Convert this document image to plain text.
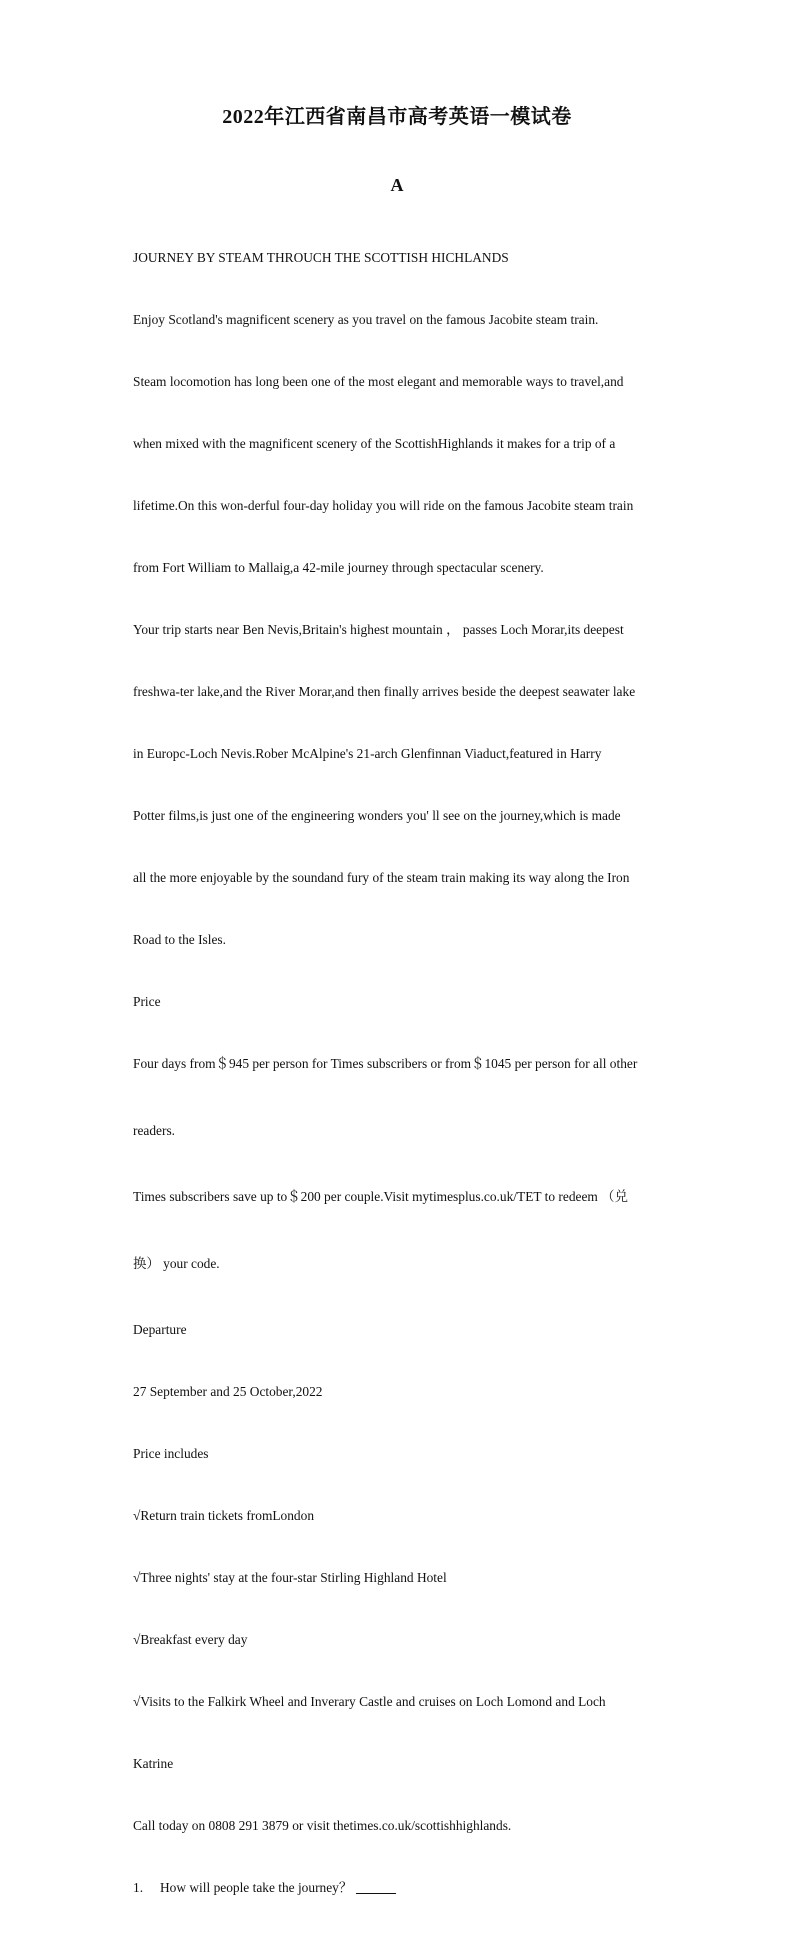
2022年江西省南昌市高考英语一模试卷
A

JOURNEY BY STEAM THROUCH THE SCOTTISH HICHLANDS

Enjoy Scotland's magnificent scenery as you travel on the famous Jacobite steam train.

Steam locomotion has long been one of the most elegant and memorable ways to travel,and

when mixed with the magnificent scenery of the ScottishHighlands it makes for a trip of a

lifetime.On this won-derful four-day holiday you will ride on the famous Jacobite steam train

from Fort William to Mallaig,a 42-mile journey through spectacular scenery.

Your trip starts near Ben Nevis,Britain's highest mountain ， passes Loch Morar,its deepest

freshwa-ter lake,and the River Morar,and then finally arrives beside the deepest seawater lake

in Europc-Loch Nevis.Rober McAlpine's 21-arch Glenfinnan Viaduct,featured in Harry

Potter films,is just one of the engineering wonders you' ll see on the journey,which is made

all the more enjoyable by the soundand fury of the steam train making its way along the Iron

Road to the Isles.

Price

Four days from＄945 per person for Times subscribers or from＄1045 per person for all other

readers.

Times subscribers save up to＄200 per couple.Visit mytimesplus.co.uk/TET to redeem （兑

换） your code.

Departure

27 September and 25 October,2022

Price includes

√Return train tickets fromLondon

√Three nights' stay at the four-star Stirling Highland Hotel

√Breakfast every day

√Visits to the Falkirk Wheel and Inverary Castle and cruises on Loch Lomond and Loch

Katrine

Call today on 0808 291 3879 or visit thetimes.co.uk/scottishhighlands.

1. How will people take the journey？
